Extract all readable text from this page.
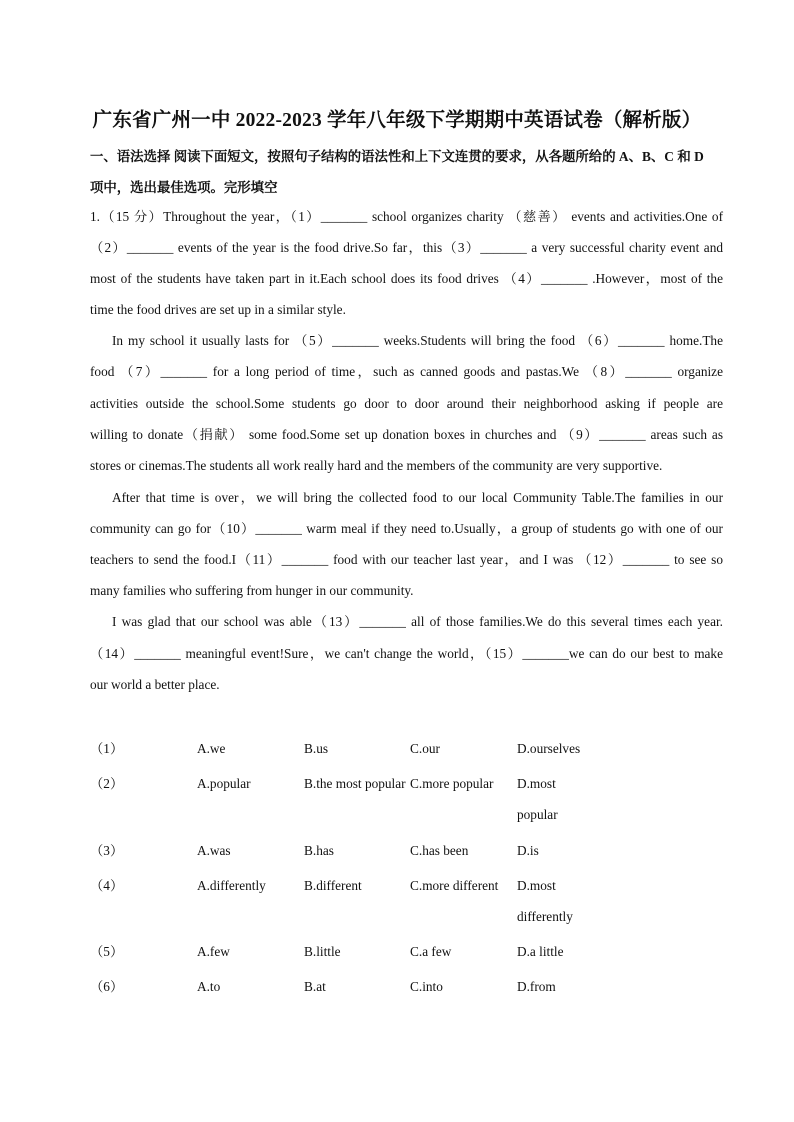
广东省广州一中 2022-2023 学年八年级下学期期中英语试卷（解析版）
一、语法选择 阅读下面短文，按照句子结构的语法性和上下文连贯的要求，从各题所给的 A、B、C 和 D
项中，选出最佳选项。完形填空
1.（15 分）Throughout the year，（1）_______ school organizes charity （慈善） events and activities.One of
（2）_______ events of the year is the food drive.So far，this（3）_______ a very successful charity event and
most of the students have taken part in it.Each school does its food drives （4）_______ .However，most of the
time the food drives are set up in a similar style.
In my school it usually lasts for （5）_______ weeks.Students will bring the food （6）_______ home.The
food （7）_______ for a long period of time，such as canned goods and pastas.We （8）_______ organize
activities outside the school.Some students go door to door around their neighborhood asking if people are
willing to donate（捐献） some food.Some set up donation boxes in churches and （9）_______ areas such as
stores or cinemas.The students all work really hard and the members of the community are very supportive.
After that time is over，we will bring the collected food to our local Community Table.The families in our
community can go for（10）_______ warm meal if they need to.Usually，a group of students go with one of our
teachers to send the food.I（11）_______ food with our teacher last year，and I was （12）_______ to see so
many families who suffering from hunger in our community.
I was glad that our school was able（13）_______ all of those families.We do this several times each year.
（14）_______ meaningful event!Sure，we can't change the world，（15）_______we can do our best to make
our world a better place.
（1）	A.we	B.us	C.our	D.ourselves
（2）	A.popular	B.the most popular C.more popular	D.most popular
（3）	A.was	B.has	C.has been	D.is
（4）	A.differently	B.different	C.more different	D.most differently
（5）	A.few	B.little	C.a few	D.a little
（6）	A.to	B.at	C.into	D.from
